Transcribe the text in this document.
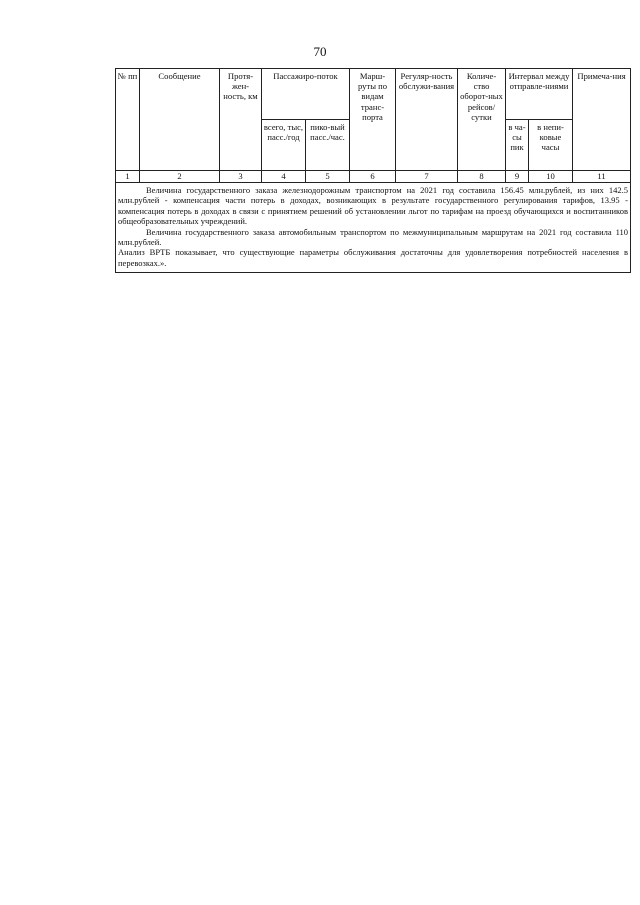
70
№ пп	Сообщение	Протя-жен-ность, км	Пассажиро-поток		Марш-руты по видам транс-порта	Регуляр-ность обслужи-вания	Количе-ство оборот-ных рейсов/сутки	Интервал между отправле-ниями		Примеча-ния
			всего, тыс, пасс./год	пико-вый пасс./час.				в ча-сы пик	в непи-ковые часы	
1	2	3	4	5	6	7	8	9	10	11

Величина государственного заказа железнодорожным транспортом на 2021 год составила 156.45 млн.рублей, из них 142.5 млн.рублей - компенсация части потерь в доходах, возникающих в результате государственного регулирования тарифов, 13.95 - компенсация потерь в доходах в связи с принятием решений об установлении льгот по тарифам на проезд обучающихся и воспитанников общеобразовательных учреждений.

Величина государственного заказа автомобильным транспортом по межмуниципальным маршрутам на 2021 год составила 110 млн.рублей.

Анализ ВРТБ показывает, что существующие параметры обслуживания достаточны для удовлетворения потребностей населения в перевозках.».										
